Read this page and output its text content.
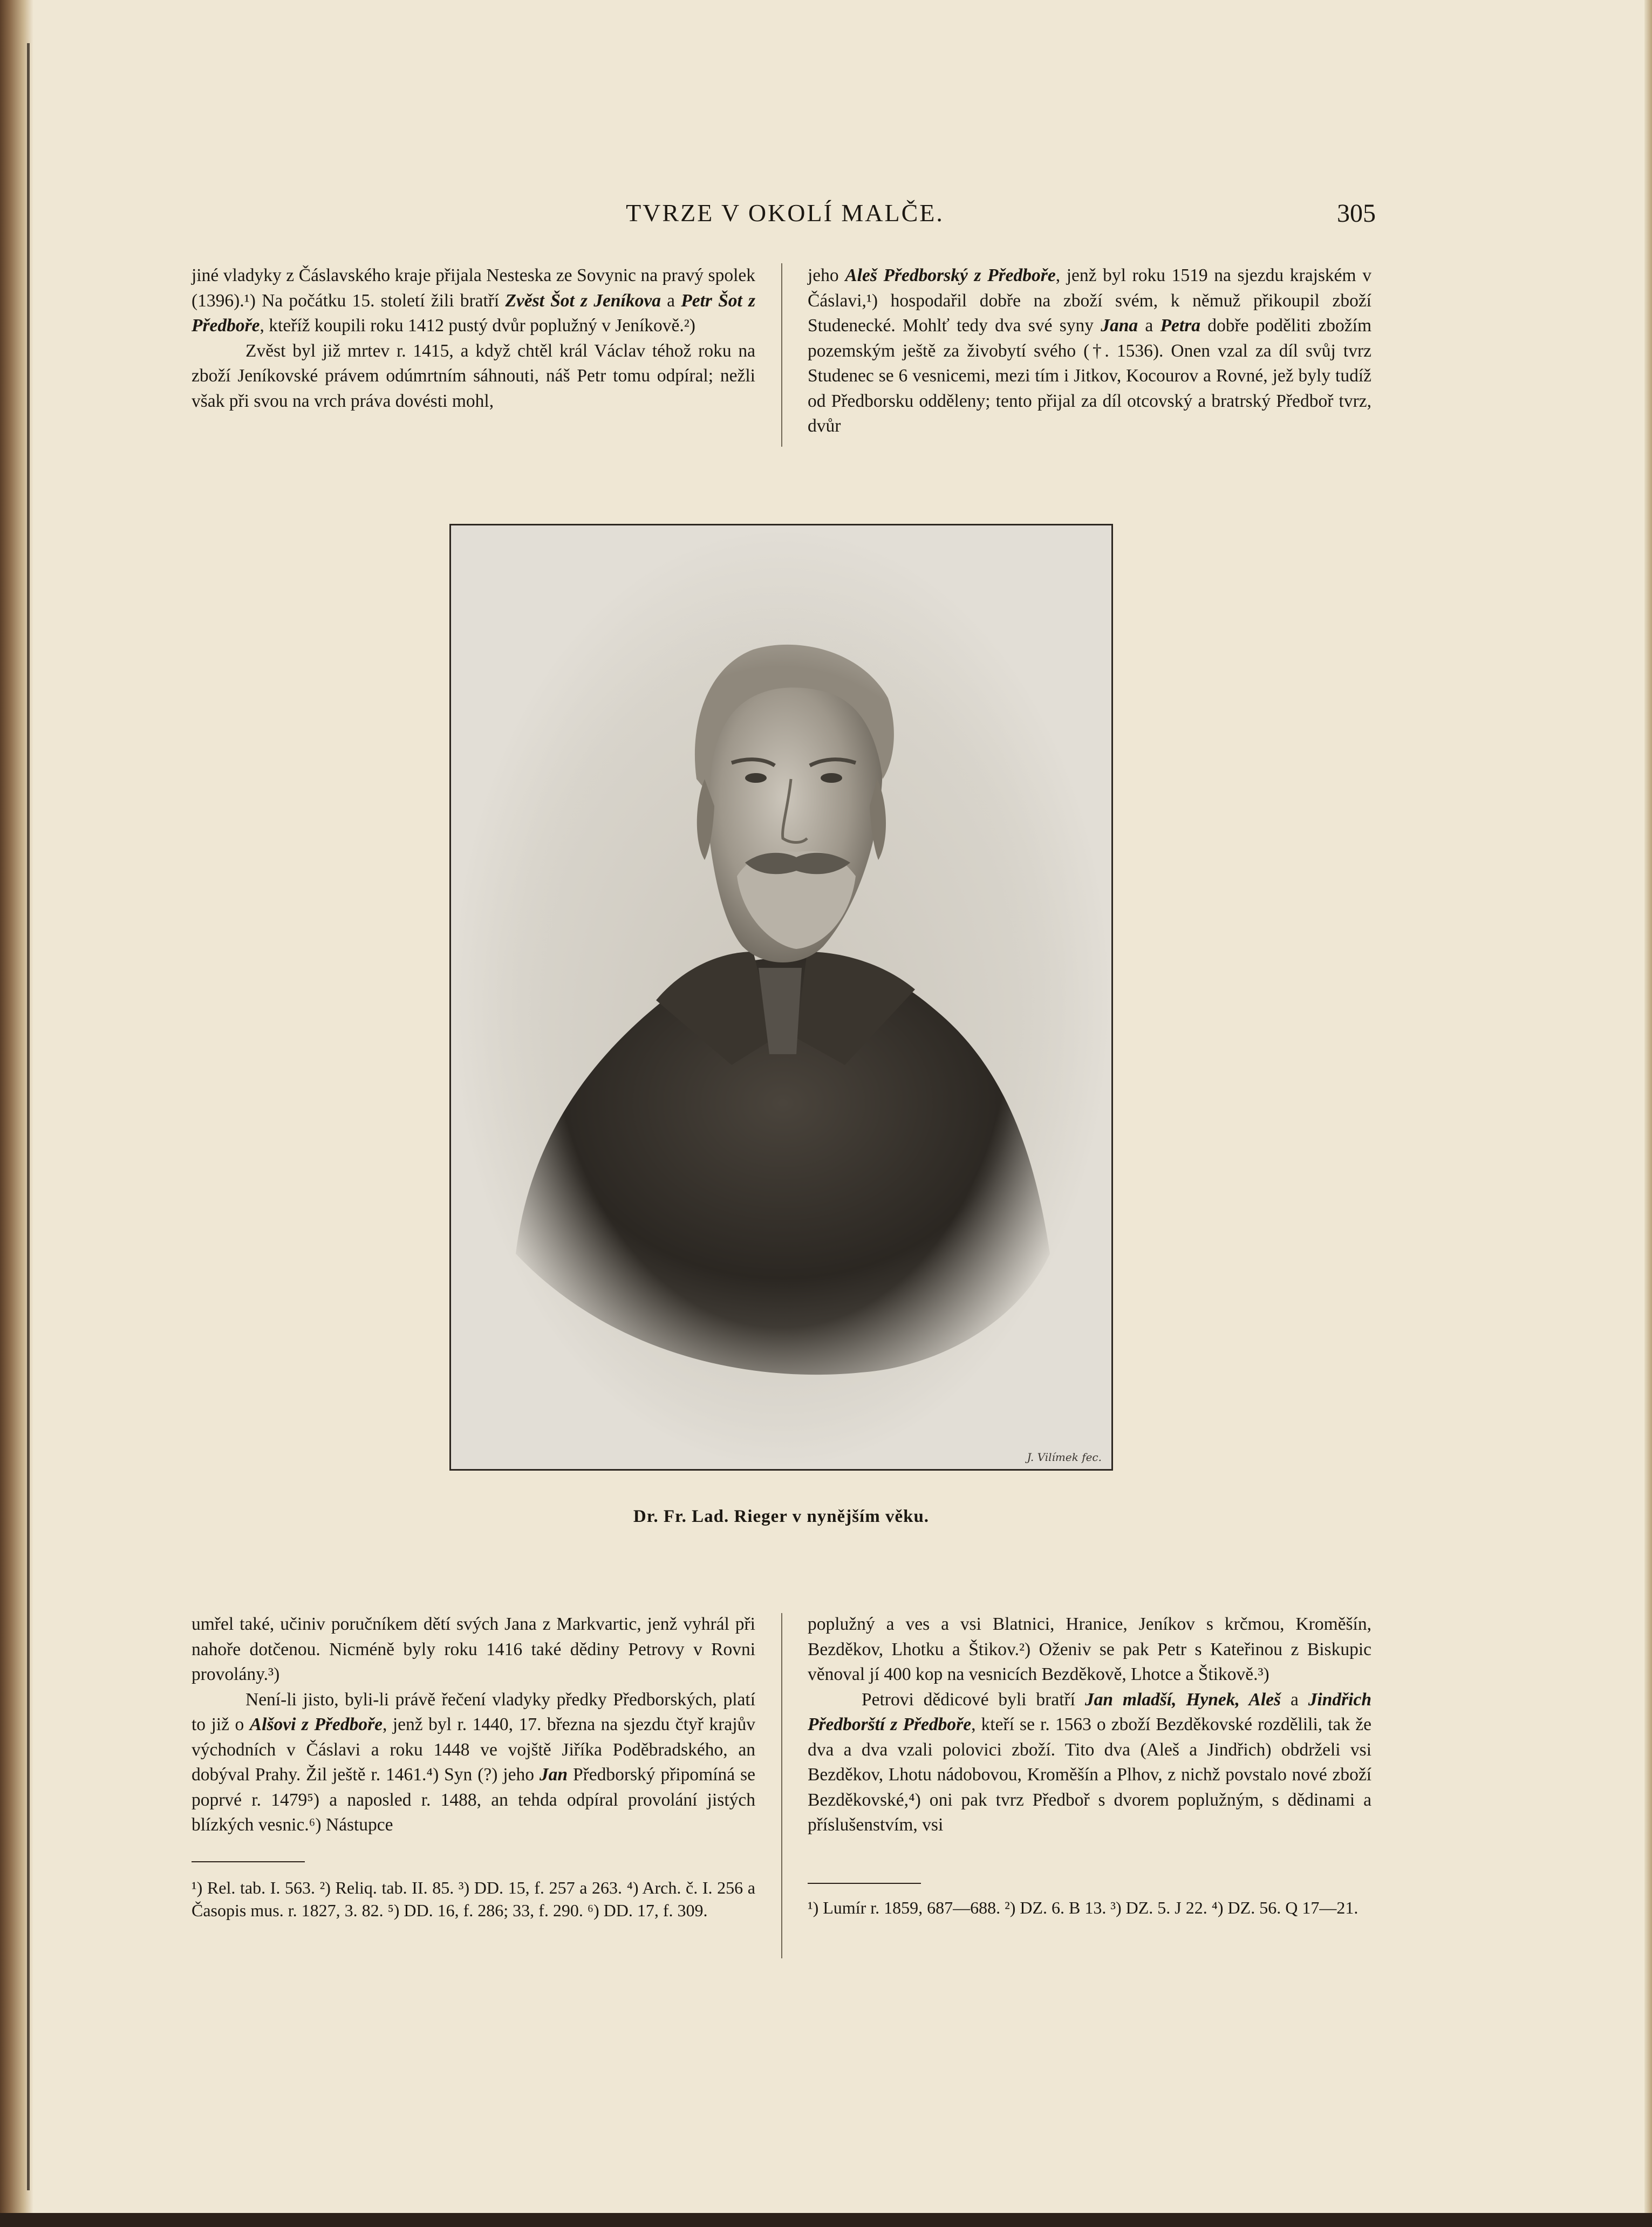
TVRZE V OKOLÍ MALČE.	305

jiné vladyky z Čáslavského kraje přijala Nesteska ze Sovynic na pravý spolek (1396).¹) Na počátku 15. století žili bratří Zvěst Šot z Jeníkova a Petr Šot z Předboře, kteříž koupili roku 1412 pustý dvůr poplužný v Jeníkově.²)

Zvěst byl již mrtev r. 1415, a když chtěl král Václav téhož roku na zboží Jeníkovské právem odúmrtním sáhnouti, náš Petr tomu odpíral; nežli však při svou na vrch práva dovésti mohl,

jeho Aleš Předborský z Předboře, jenž byl roku 1519 na sjezdu krajském v Čáslavi,¹) hospodařil dobře na zboží svém, k němuž přikoupil zboží Studenecké. Mohlť tedy dva své syny Jana a Petra dobře poděliti zbožím pozemským ještě za živobytí svého (†. 1536). Onen vzal za díl svůj tvrz Studenec se 6 vesnicemi, mezi tím i Jitkov, Kocourov a Rovné, jež byly tudíž od Předborsku odděleny; tento přijal za díl otcovský a bratrský Předboř tvrz, dvůr

J. Vilímek fec.
Dr. Fr. Lad. Rieger v nynějším věku.

umřel také, učiniv poručníkem dětí svých Jana z Markvartic, jenž vyhrál při nahoře dotčenou. Nicméně byly roku 1416 také dědiny Petrovy v Rovni provolány.³)

Není-li jisto, byli-li právě řečení vladyky předky Předborských, platí to již o Alšovi z Předboře, jenž byl r. 1440, 17. března na sjezdu čtyř krajův východních v Čáslavi a roku 1448 ve vojště Jiříka Poděbradského, an dobýval Prahy. Žil ještě r. 1461.⁴) Syn (?) jeho Jan Předborský připomíná se poprvé r. 1479⁵) a naposled r. 1488, an tehda odpíral provolání jistých blízkých vesnic.⁶) Nástupce

poplužný a ves a vsi Blatnici, Hranice, Jeníkov s krčmou, Kroměšín, Bezděkov, Lhotku a Štikov.²) Oženiv se pak Petr s Kateřinou z Biskupic věnoval jí 400 kop na vesnicích Bezděkově, Lhotce a Štikově.³)

Petrovi dědicové byli bratří Jan mladší, Hynek, Aleš a Jindřich Předborští z Předboře, kteří se r. 1563 o zboží Bezděkovské rozdělili, tak že dva a dva vzali polovici zboží. Tito dva (Aleš a Jindřich) obdrželi vsi Bezděkov, Lhotu nádobovou, Kroměšín a Plhov, z nichž povstalo nové zboží Bezděkovské,⁴) oni pak tvrz Předboř s dvorem poplužným, s dědinami a příslušenstvím, vsi

¹) Rel. tab. I. 563. ²) Reliq. tab. II. 85. ³) DD. 15, f. 257 a 263. ⁴) Arch. č. I. 256 a Časopis mus. r. 1827, 3. 82. ⁵) DD. 16, f. 286; 33, f. 290. ⁶) DD. 17, f. 309.	¹) Lumír r. 1859, 687—688. ²) DZ. 6. B 13. ³) DZ. 5. J 22. ⁴) DZ. 56. Q 17—21.
